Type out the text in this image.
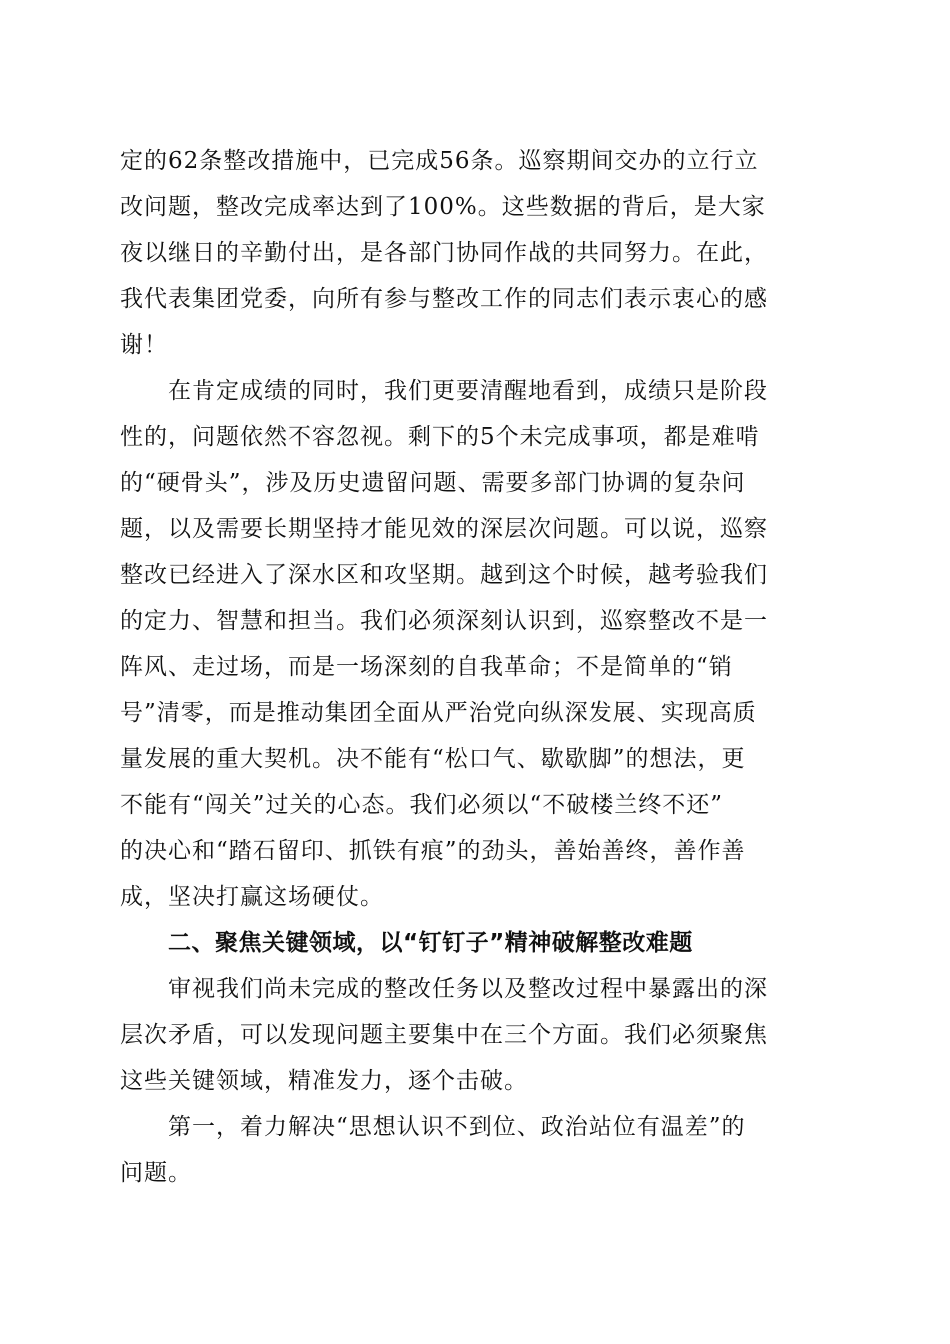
定的62条整改措施中，已完成56条。巡察期间交办的立行立
改问题，整改完成率达到了100%。这些数据的背后，是大家
夜以继日的辛勤付出，是各部门协同作战的共同努力。在此，
我代表集团党委，向所有参与整改工作的同志们表示衷心的感
谢！
在肯定成绩的同时，我们更要清醒地看到，成绩只是阶段
性的，问题依然不容忽视。剩下的5个未完成事项，都是难啃
的“硬骨头”，涉及历史遗留问题、需要多部门协调的复杂问
题，以及需要长期坚持才能见效的深层次问题。可以说，巡察
整改已经进入了深水区和攻坚期。越到这个时候，越考验我们
的定力、智慧和担当。我们必须深刻认识到，巡察整改不是一
阵风、走过场，而是一场深刻的自我革命；不是简单的“销
号”清零，而是推动集团全面从严治党向纵深发展、实现高质
量发展的重大契机。决不能有“松口气、歇歇脚”的想法，更
不能有“闯关”过关的心态。我们必须以“不破楼兰终不还”
的决心和“踏石留印、抓铁有痕”的劲头，善始善终，善作善
成，坚决打赢这场硬仗。
二、聚焦关键领域，以“钉钉子”精神破解整改难题
审视我们尚未完成的整改任务以及整改过程中暴露出的深
层次矛盾，可以发现问题主要集中在三个方面。我们必须聚焦
这些关键领域，精准发力，逐个击破。
第一，着力解决“思想认识不到位、政治站位有温差”的
问题。
